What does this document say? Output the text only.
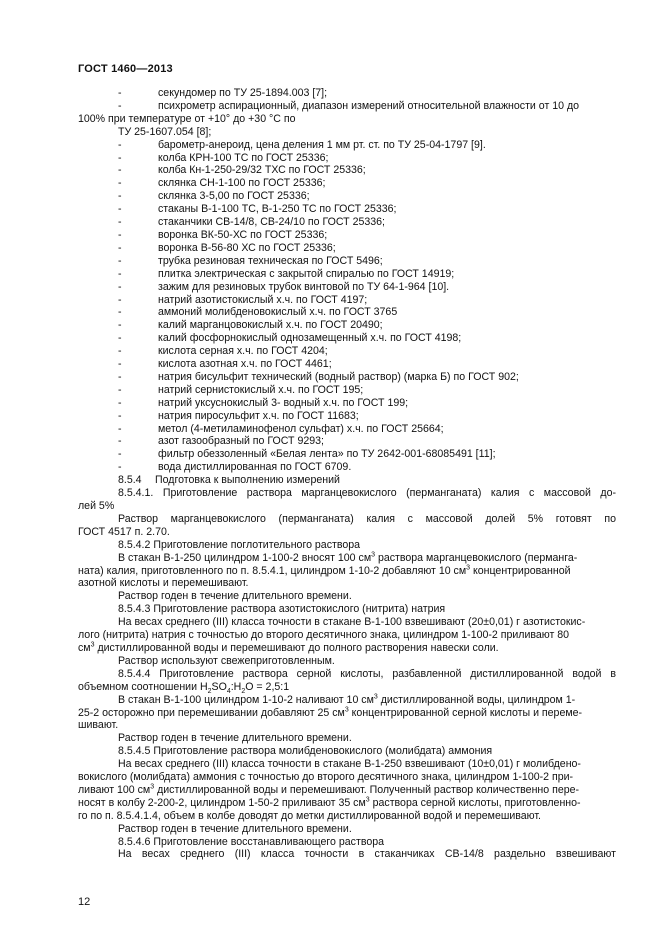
ГОСТ 1460—2013
-	секундомер по ТУ 25-1894.003 [7];
-	психрометр аспирационный, диапазон измерений относительной влажности от 10 до
100% при температуре от +10° до +30 °С по
ТУ 25-1607.054 [8];
-	барометр-анероид, цена деления 1 мм рт. ст. по ТУ 25-04-1797 [9].
-	колба КРН-100 ТС по ГОСТ 25336;
-	колба Кн-1-250-29/32 ТХС по ГОСТ 25336;
-	склянка СН-1-100 по ГОСТ 25336;
-	склянка 3-5,00 по ГОСТ 25336;
-	стаканы В-1-100 ТС, В-1-250 ТС по ГОСТ 25336;
-	стаканчики СВ-14/8, СВ-24/10 по ГОСТ 25336;
-	воронка ВК-50-ХС по ГОСТ 25336;
-	воронка В-56-80 ХС по ГОСТ 25336;
-	трубка резиновая техническая по ГОСТ 5496;
-	плитка электрическая с закрытой спиралью по ГОСТ 14919;
-	зажим для резиновых трубок винтовой по ТУ 64-1-964 [10].
-	натрий азотистокислый х.ч. по ГОСТ 4197;
-	аммоний молибденовокислый х.ч. по ГОСТ 3765
-	калий марганцовокислый х.ч. по ГОСТ 20490;
-	калий фосфорнокислый однозамещенный х.ч. по ГОСТ 4198;
-	кислота серная х.ч. по ГОСТ 4204;
-	кислота азотная х.ч. по ГОСТ 4461;
-	натрия бисульфит технический (водный раствор) (марка Б) по ГОСТ 902;
-	натрий сернистокислый х.ч. по ГОСТ 195;
-	натрий уксуснокислый 3- водный х.ч. по ГОСТ 199;
-	натрия пиросульфит х.ч. по ГОСТ 11683;
-	метол (4-метиламинофенол сульфат) х.ч. по ГОСТ 25664;
-	азот газообразный по ГОСТ 9293;
-	фильтр обеззоленный «Белая лента» по ТУ 2642-001-68085491 [11];
-	вода дистиллированная по ГОСТ 6709.
8.5.4 Подготовка к выполнению измерений
8.5.4.1. Приготовление раствора марганцевокислого (перманганата) калия с массовой до-
лей 5%
Раствор марганцевокислого (перманганата) калия с массовой долей 5% готовят по
ГОСТ 4517 п. 2.70.
8.5.4.2 Приготовление поглотительного раствора
В стакан В-1-250 цилиндром 1-100-2 вносят 100 $см^3$ раствора марганцевокислого (перманга-
ната) калия, приготовленного по п. 8.5.4.1, цилиндром 1-10-2 добавляют 10 $см^3$ концентрированной
азотной кислоты и перемешивают.
Раствор годен в течение длительного времени.
8.5.4.3 Приготовление раствора азотистокислого (нитрита) натрия
На весах среднего (III) класса точности в стакане В-1-100 взвешивают (20±0,01) г азотистокис-
лого (нитрита) натрия с точностью до второго десятичного знака, цилиндром 1-100-2 приливают 80
$см^3$ дистиллированной воды и перемешивают до полного растворения навески соли.
Раствор используют свежеприготовленным.
8.5.4.4 Приготовление раствора серной кислоты, разбавленной дистиллированной водой в
объемном соотношении $H_2SO_4:H_2O$ = 2,5:1
В стакан В-1-100 цилиндром 1-10-2 наливают 10 $см^3$ дистиллированной воды, цилиндром 1-
25-2 осторожно при перемешивании добавляют 25 $см^3$ концентрированной серной кислоты и переме-
шивают.
Раствор годен в течение длительного времени.
8.5.4.5 Приготовление раствора молибденовокислого (молибдата) аммония
На весах среднего (III) класса точности в стакане В-1-250 взвешивают (10±0,01) г молибдено-
вокислого (молибдата) аммония с точностью до второго десятичного знака, цилиндром 1-100-2 при-
ливают 100 $см^3$ дистиллированной воды и перемешивают. Полученный раствор количественно пере-
носят в колбу 2-200-2, цилиндром 1-50-2 приливают 35 $см^3$ раствора серной кислоты, приготовленно-
го по п. 8.5.4.1.4, объем в колбе доводят до метки дистиллированной водой и перемешивают.
Раствор годен в течение длительного времени.
8.5.4.6 Приготовление восстанавливающего раствора
На весах среднего (III) класса точности в стаканчиках СВ-14/8 раздельно взвешивают
12
